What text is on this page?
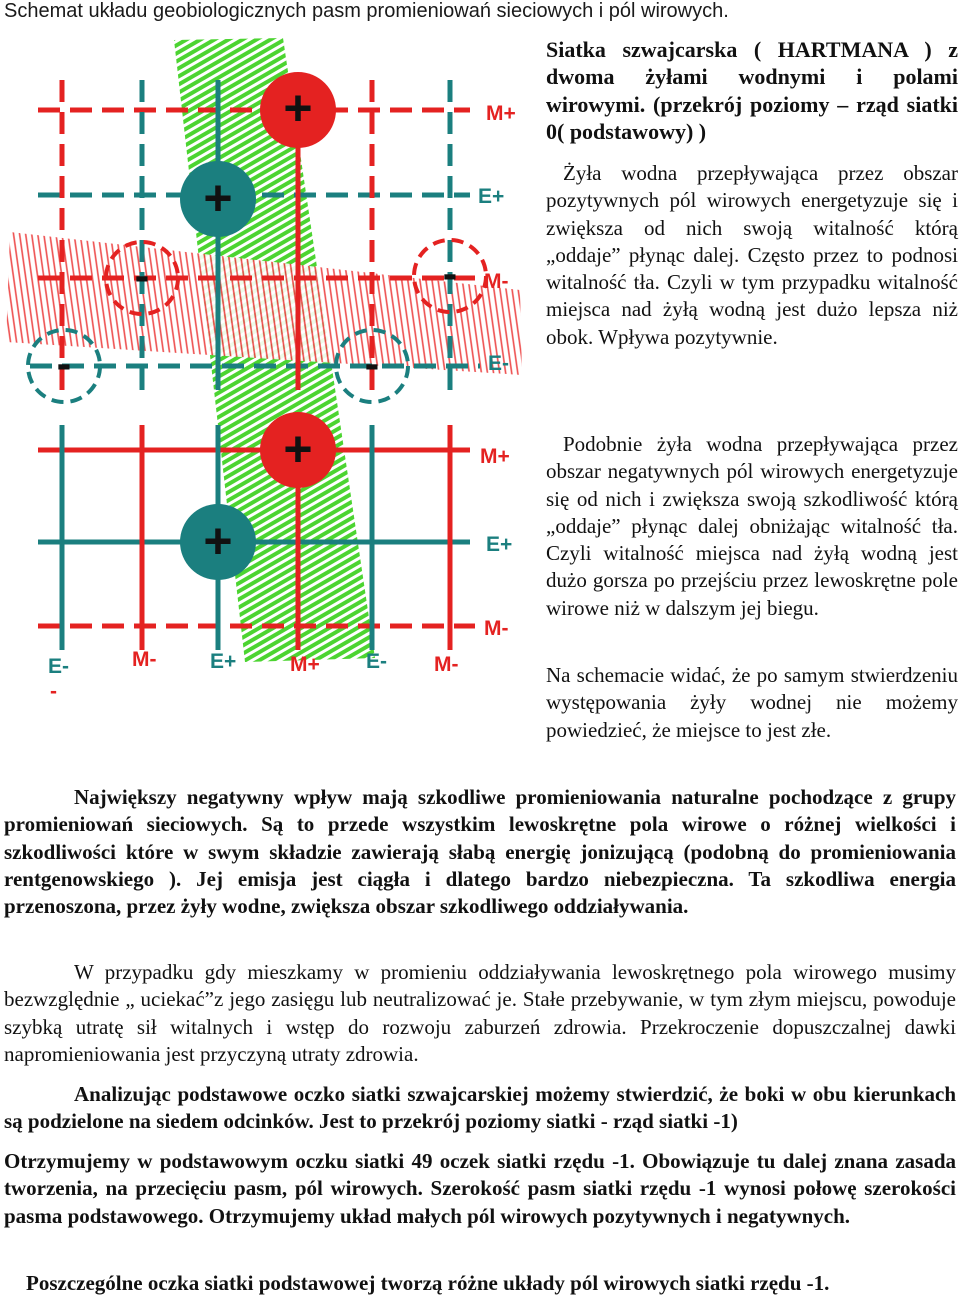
Schemat układu geobiologicznych pasm promieniowań sieciowych i pól wirowych.
+
+
-	-
-	-
+
+
M+
E+
M-
E-
M+
E+
M-
E-
-
M-	E+	M+ E- M-

Siatka szwajcarska ( HARTMANA ) z dwoma żyłami wodnymi i polami wirowymi. (przekrój poziomy – rząd siatki 0( podstawowy) )

Żyła wodna przepływająca przez obszar pozytywnych pól wirowych energetyzuje się i zwiększa od nich swoją witalność którą „oddaje” płynąc dalej. Często przez to podnosi witalność tła. Czyli w tym przypadku witalność miejsca nad żyłą wodną jest dużo lepsza niż obok. Wpływa pozytywnie.

Podobnie żyła wodna przepływająca przez obszar negatywnych pól wirowych energetyzuje się od nich i zwiększa swoją szkodliwość którą „oddaje” płynąc dalej obniżając witalność tła. Czyli witalność miejsca nad żyłą wodną jest dużo gorsza po przejściu przez lewoskrętne pole wirowe niż w dalszym jej biegu.

Na schemacie widać, że po samym stwierdzeniu występowania żyły wodnej nie możemy powiedzieć, że miejsce to jest złe.

Największy negatywny wpływ mają szkodliwe promieniowania naturalne pochodzące z grupy promieniowań sieciowych. Są to przede wszystkim lewoskrętne pola wirowe o różnej wielkości i szkodliwości które w swym składzie zawierają słabą energię jonizującą (podobną do promieniowania rentgenowskiego ). Jej emisja jest ciągła i dlatego bardzo niebezpieczna. Ta szkodliwa energia przenoszona, przez żyły wodne, zwiększa obszar szkodliwego oddziaływania.

W przypadku gdy mieszkamy w promieniu oddziaływania lewoskrętnego pola wirowego musimy bezwzględnie „ uciekać”z jego zasięgu lub neutralizować je. Stałe przebywanie, w tym złym miejscu, powoduje szybką utratę sił witalnych i wstęp do rozwoju zaburzeń zdrowia. Przekroczenie dopuszczalnej dawki napromieniowania jest przyczyną utraty zdrowia.

Analizując podstawowe oczko siatki szwajcarskiej możemy stwierdzić, że boki w obu kierunkach są podzielone na siedem odcinków. Jest to przekrój poziomy siatki - rząd siatki -1)

Otrzymujemy w podstawowym oczku siatki 49 oczek siatki rzędu -1. Obowiązuje tu dalej znana zasada tworzenia, na przecięciu pasm, pól wirowych. Szerokość pasm siatki rzędu -1 wynosi połowę szerokości pasma podstawowego. Otrzymujemy układ małych pól wirowych pozytywnych i negatywnych.

Poszczególne oczka siatki podstawowej tworzą różne układy pól wirowych siatki rzędu -1.
